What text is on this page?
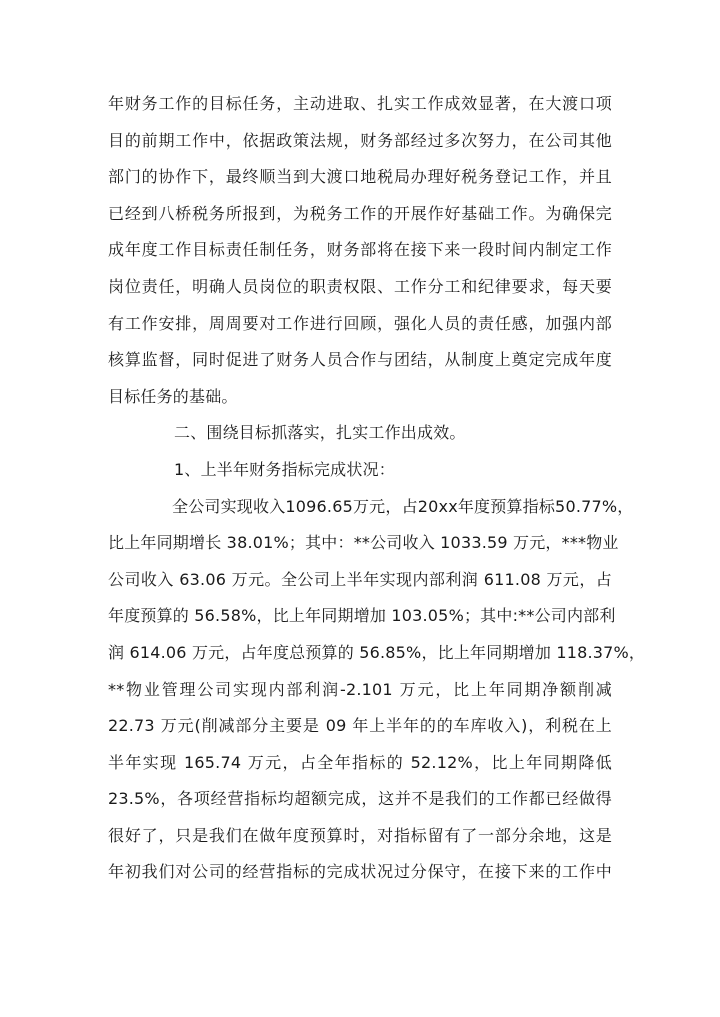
年财务工作的目标任务，主动进取、扎实工作成效显著，在大渡口项
目的前期工作中，依据政策法规，财务部经过多次努力，在公司其他
部门的协作下，最终顺当到大渡口地税局办理好税务登记工作，并且
已经到八桥税务所报到，为税务工作的开展作好基础工作。为确保完
成年度工作目标责任制任务，财务部将在接下来一段时间内制定工作
岗位责任，明确人员岗位的职责权限、工作分工和纪律要求，每天要
有工作安排，周周要对工作进行回顾，强化人员的责任感，加强内部
核算监督，同时促进了财务人员合作与团结，从制度上奠定完成年度
目标任务的基础。
二、围绕目标抓落实，扎实工作出成效。
1、上半年财务指标完成状况：
全公司实现收入1096.65万元，占20xx年度预算指标50.77%，
比上年同期增长 38.01%；其中：**公司收入 1033.59 万元，***物业
公司收入 63.06 万元。全公司上半年实现内部利润 611.08 万元，占
年度预算的 56.58%，比上年同期增加 103.05%；其中:**公司内部利
润 614.06 万元，占年度总预算的 56.85%，比上年同期增加 118.37%，
**物业管理公司实现内部利润-2.101 万元，比上年同期净额削减
22.73 万元(削减部分主要是 09 年上半年的的车库收入)，利税在上
半年实现 165.74 万元，占全年指标的 52.12%，比上年同期降低
23.5%，各项经营指标均超额完成，这并不是我们的工作都已经做得
很好了，只是我们在做年度预算时，对指标留有了一部分余地，这是
年初我们对公司的经营指标的完成状况过分保守，在接下来的工作中
